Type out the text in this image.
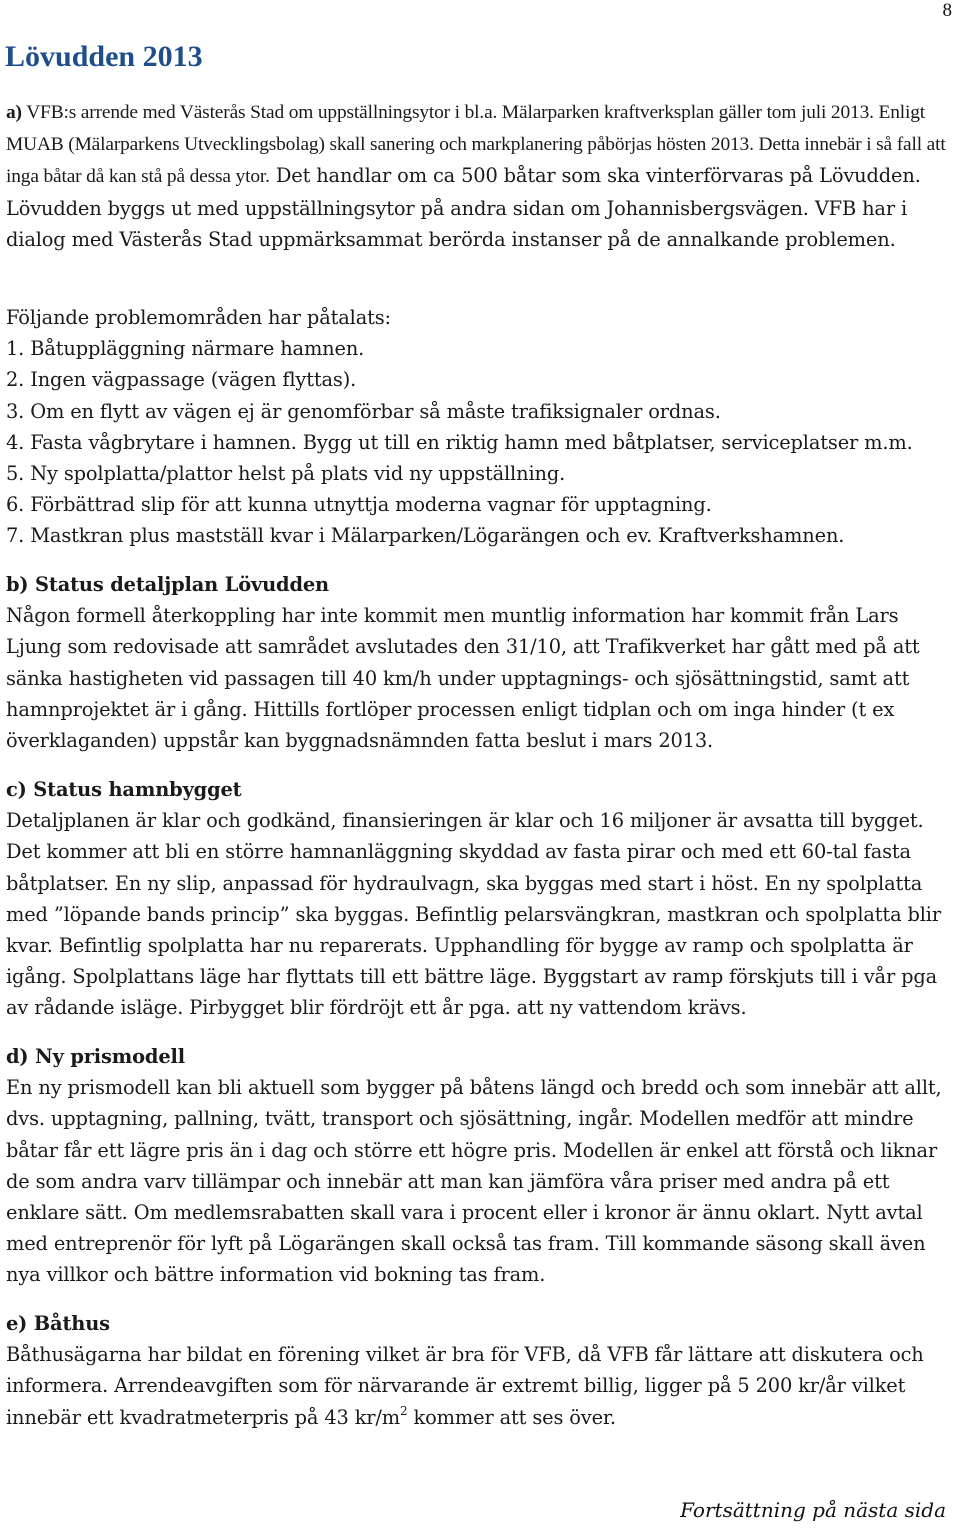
8
Lövudden 2013

a) VFB:s arrende med Västerås Stad om uppställningsytor i bl.a. Mälarparken kraftverksplan gäller tom juli 2013. Enligt MUAB (Mälarparkens Utvecklingsbolag) skall sanering och markplanering påbörjas hösten 2013. Detta innebär i så fall att inga båtar då kan stå på dessa ytor. Det handlar om ca 500 båtar som ska vinterförvaras på Lövudden. Lövudden byggs ut med uppställningsytor på andra sidan om Johannisbergsvägen. VFB har i dialog med Västerås Stad uppmärksammat berörda instanser på de annalkande problemen.

Följande problemområden har påtalats:

1. Båtuppläggning närmare hamnen.

2. Ingen vägpassage (vägen flyttas).

3. Om en flytt av vägen ej är genomförbar så måste trafiksignaler ordnas.

4. Fasta vågbrytare i hamnen. Bygg ut till en riktig hamn med båtplatser, serviceplatser m.m.

5. Ny spolplatta/plattor helst på plats vid ny uppställning.

6. Förbättrad slip för att kunna utnyttja moderna vagnar för upptagning.

7. Mastkran plus mastställ kvar i Mälarparken/Lögarängen och ev. Kraftverkshamnen.

b) Status detaljplan Lövudden

Någon formell återkoppling har inte kommit men muntlig information har kommit från Lars Ljung som redovisade att samrådet avslutades den 31/10, att Trafikverket har gått med på att sänka hastigheten vid passagen till 40 km/h under upptagnings- och sjösättningstid, samt att hamnprojektet är i gång. Hittills fortlöper processen enligt tidplan och om inga hinder (t ex överklaganden) uppstår kan byggnadsnämnden fatta beslut i mars 2013.

c) Status hamnbygget

Detaljplanen är klar och godkänd, finansieringen är klar och 16 miljoner är avsatta till bygget. Det kommer att bli en större hamnanläggning skyddad av fasta pirar och med ett 60-tal fasta båtplatser. En ny slip, anpassad för hydraulvagn, ska byggas med start i höst. En ny spolplatta med ”löpande bands princip” ska byggas. Befintlig pelarsvängkran, mastkran och spolplatta blir kvar. Befintlig spolplatta har nu reparerats. Upphandling för bygge av ramp och spolplatta är igång. Spolplattans läge har flyttats till ett bättre läge. Byggstart av ramp förskjuts till i vår pga av rådande isläge. Pirbygget blir fördröjt ett år pga. att ny vattendom krävs.

d) Ny prismodell

En ny prismodell kan bli aktuell som bygger på båtens längd och bredd och som innebär att allt, dvs. upptagning, pallning, tvätt, transport och sjösättning, ingår. Modellen medför att mindre båtar får ett lägre pris än i dag och större ett högre pris. Modellen är enkel att förstå och liknar de som andra varv tillämpar och innebär att man kan jämföra våra priser med andra på ett enklare sätt. Om medlemsrabatten skall vara i procent eller i kronor är ännu oklart. Nytt avtal med entreprenör för lyft på Lögarängen skall också tas fram. Till kommande säsong skall även nya villkor och bättre information vid bokning tas fram.

e) Båthus

Båthusägarna har bildat en förening vilket är bra för VFB, då VFB får lättare att diskutera och informera. Arrendeavgiften som för närvarande är extremt billig, ligger på 5 200 kr/år vilket innebär ett kvadratmeterpris på 43 $kr/m^2$ kommer att ses över.

Fortsättning på nästa sida
